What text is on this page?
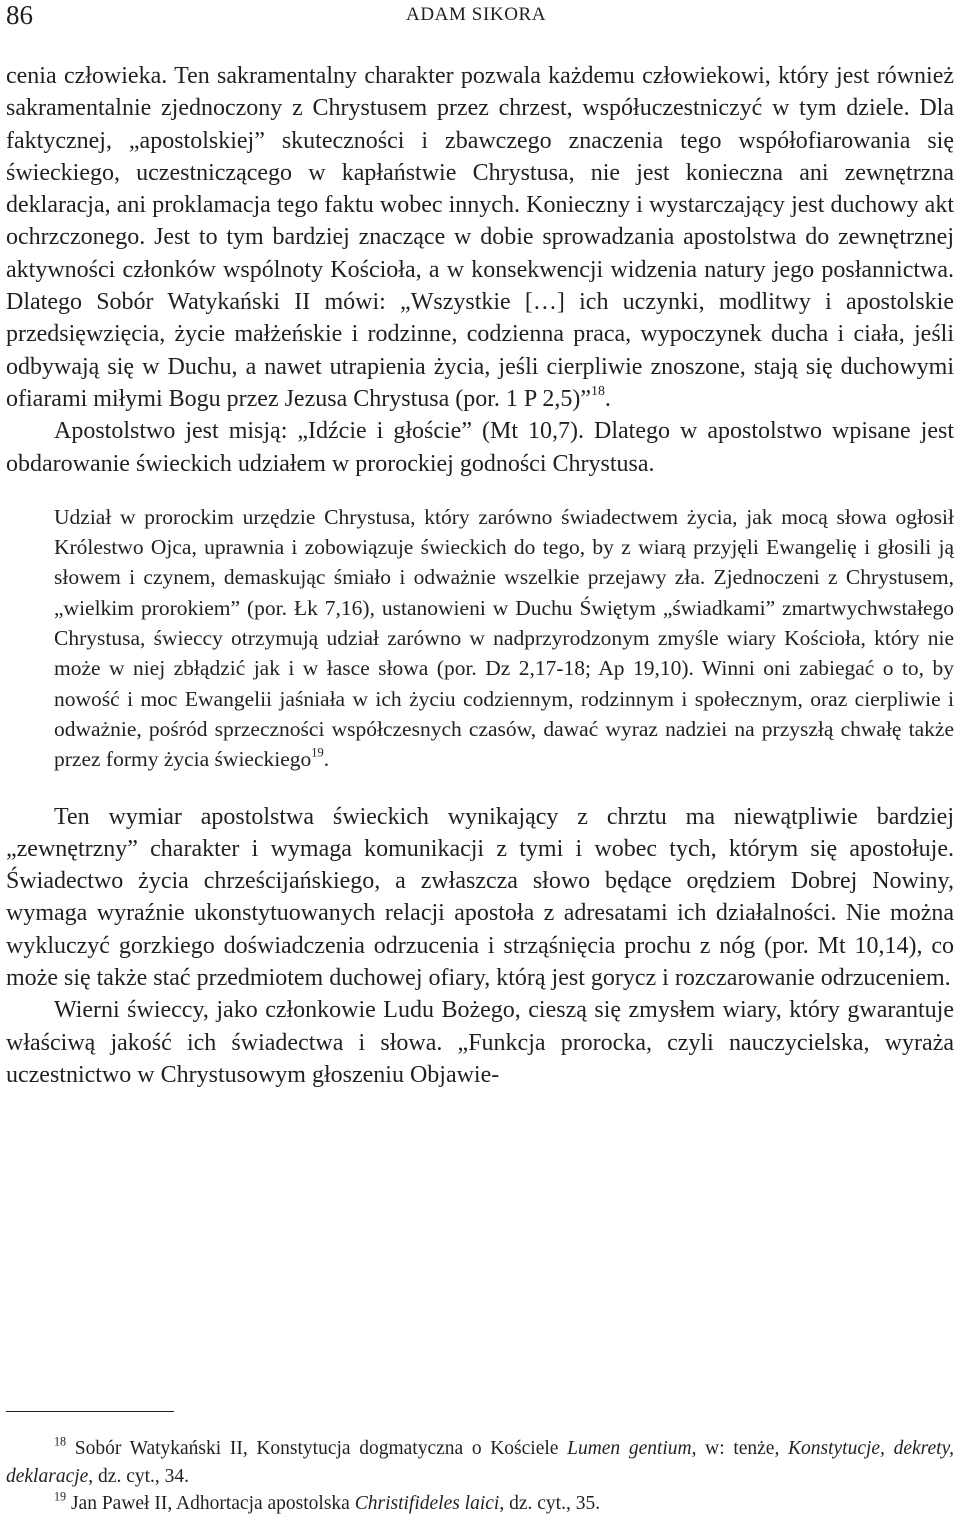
86	ADAM SIKORA

cenia człowieka. Ten sakramentalny charakter pozwala każdemu człowiekowi, który jest również sakramentalnie zjednoczony z Chrystusem przez chrzest, współuczestniczyć w tym dziele. Dla faktycznej, „apostolskiej” skuteczności i zbawczego znaczenia tego współofiarowania się świeckiego, uczestniczącego w kapłaństwie Chrystusa, nie jest konieczna ani zewnętrzna deklaracja, ani proklamacja tego faktu wobec innych. Konieczny i wystarczający jest duchowy akt ochrzczonego. Jest to tym bardziej znaczące w dobie sprowadzania apostolstwa do zewnętrznej aktywności członków wspólnoty Kościoła, a w konsekwencji widzenia natury jego posłannictwa. Dlatego Sobór Watykański II mówi: „Wszystkie […] ich uczynki, modlitwy i apostolskie przedsięwzięcia, życie małżeńskie i rodzinne, codzienna praca, wypoczynek ducha i ciała, jeśli odbywają się w Duchu, a nawet utrapienia życia, jeśli cierpliwie znoszone, stają się duchowymi ofiarami miłymi Bogu przez Jezusa Chrystusa (por. 1 P 2,5)”$^{18}$.

Apostolstwo jest misją: „Idźcie i głoście” (Mt 10,7). Dlatego w apostolstwo wpisane jest obdarowanie świeckich udziałem w prorockiej godności Chrystusa.

Udział w prorockim urzędzie Chrystusa, który zarówno świadectwem życia, jak mocą słowa ogłosił Królestwo Ojca, uprawnia i zobowiązuje świeckich do tego, by z wiarą przyjęli Ewangelię i głosili ją słowem i czynem, demaskując śmiało i odważnie wszelkie przejawy zła. Zjednoczeni z Chrystusem, „wielkim prorokiem” (por. Łk 7,16), ustanowieni w Duchu Świętym „świadkami” zmartwychwstałego Chrystusa, świeccy otrzymują udział zarówno w nadprzyrodzonym zmyśle wiary Kościoła, który nie może w niej zbłądzić jak i w łasce słowa (por. Dz 2,17-18; Ap 19,10). Winni oni zabiegać o to, by nowość i moc Ewangelii jaśniała w ich życiu codziennym, rodzinnym i społecznym, oraz cierpliwie i odważnie, pośród sprzeczności współczesnych czasów, dawać wyraz nadziei na przyszłą chwałę także przez formy życia świeckiego$^{19}$.

Ten wymiar apostolstwa świeckich wynikający z chrztu ma niewątpliwie bardziej „zewnętrzny” charakter i wymaga komunikacji z tymi i wobec tych, którym się apostołuje. Świadectwo życia chrześcijańskiego, a zwłaszcza słowo będące orędziem Dobrej Nowiny, wymaga wyraźnie ukonstytuowanych relacji apostoła z adresatami ich działalności. Nie można wykluczyć gorzkiego doświadczenia odrzucenia i strząśnięcia prochu z nóg (por. Mt 10,14), co może się także stać przedmiotem duchowej ofiary, którą jest gorycz i rozczarowanie odrzuceniem.

Wierni świeccy, jako członkowie Ludu Bożego, cieszą się zmysłem wiary, który gwarantuje właściwą jakość ich świadectwa i słowa. „Funkcja prorocka, czyli nauczycielska, wyraża uczestnictwo w Chrystusowym głoszeniu Objawie-

$^{18}$ Sobór Watykański II, Konstytucja dogmatyczna o Kościele Lumen gentium, w: tenże, Konstytucje, dekrety, deklaracje, dz. cyt., 34.

$^{19}$ Jan Paweł II, Adhortacja apostolska Christifideles laici, dz. cyt., 35.
